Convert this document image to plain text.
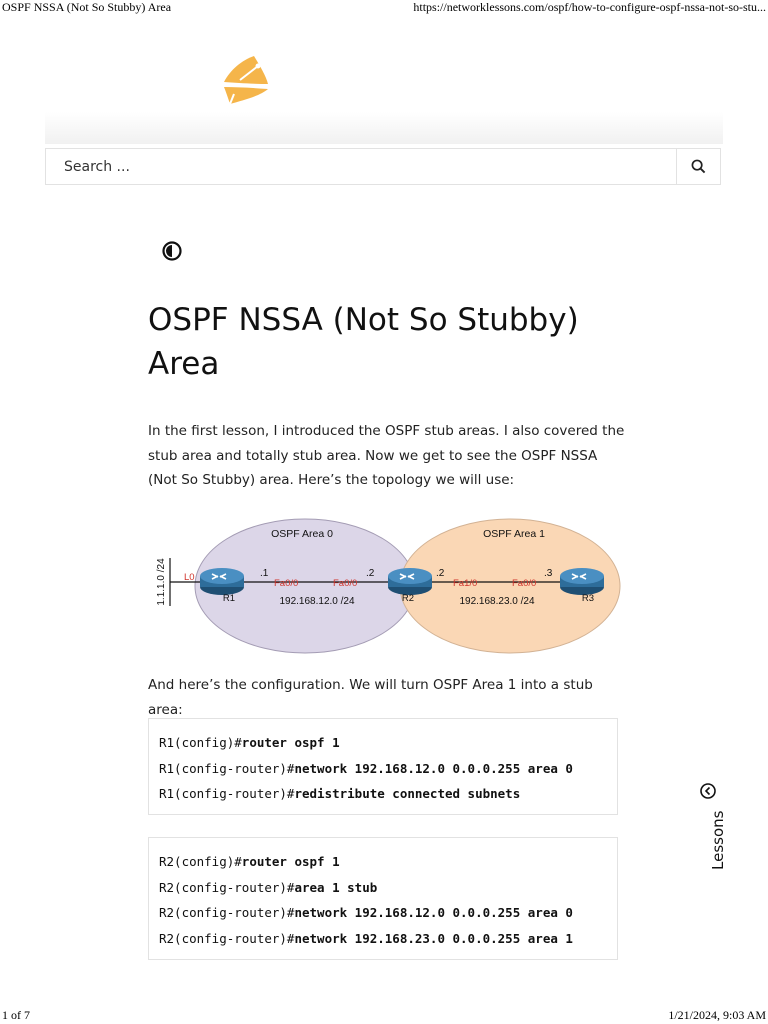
OSPF NSSA (Not So Stubby) Area	https://networklessons.com/ospf/how-to-configure-ospf-nssa-not-so-stu...
Search ...
OSPF NSSA (Not So Stubby) Area

In the first lesson, I introduced the OSPF stub areas. I also covered the stub area and totally stub area. Now we get to see the OSPF NSSA (Not So Stubby) area. Here’s the topology we will use:

OSPF Area 0	OSPF Area 1
1.1.1.0 /24 L0
R1	R2	R3
.1	.2
Fa0/0	Fa0/0
192.168.12.0 /24
.2	.3
Fa1/0	Fa0/0
192.168.23.0 /24

And here’s the configuration. We will turn OSPF Area 1 into a stub area:

R1(config)#router ospf 1
R1(config-router)#network 192.168.12.0 0.0.0.255 area 0
R1(config-router)#redistribute connected subnets
R2(config)#router ospf 1
R2(config-router)#area 1 stub
R2(config-router)#network 192.168.12.0 0.0.0.255 area 0
R2(config-router)#network 192.168.23.0 0.0.0.255 area 1
Lessons
1 of 7	1/21/2024, 9:03 AM
